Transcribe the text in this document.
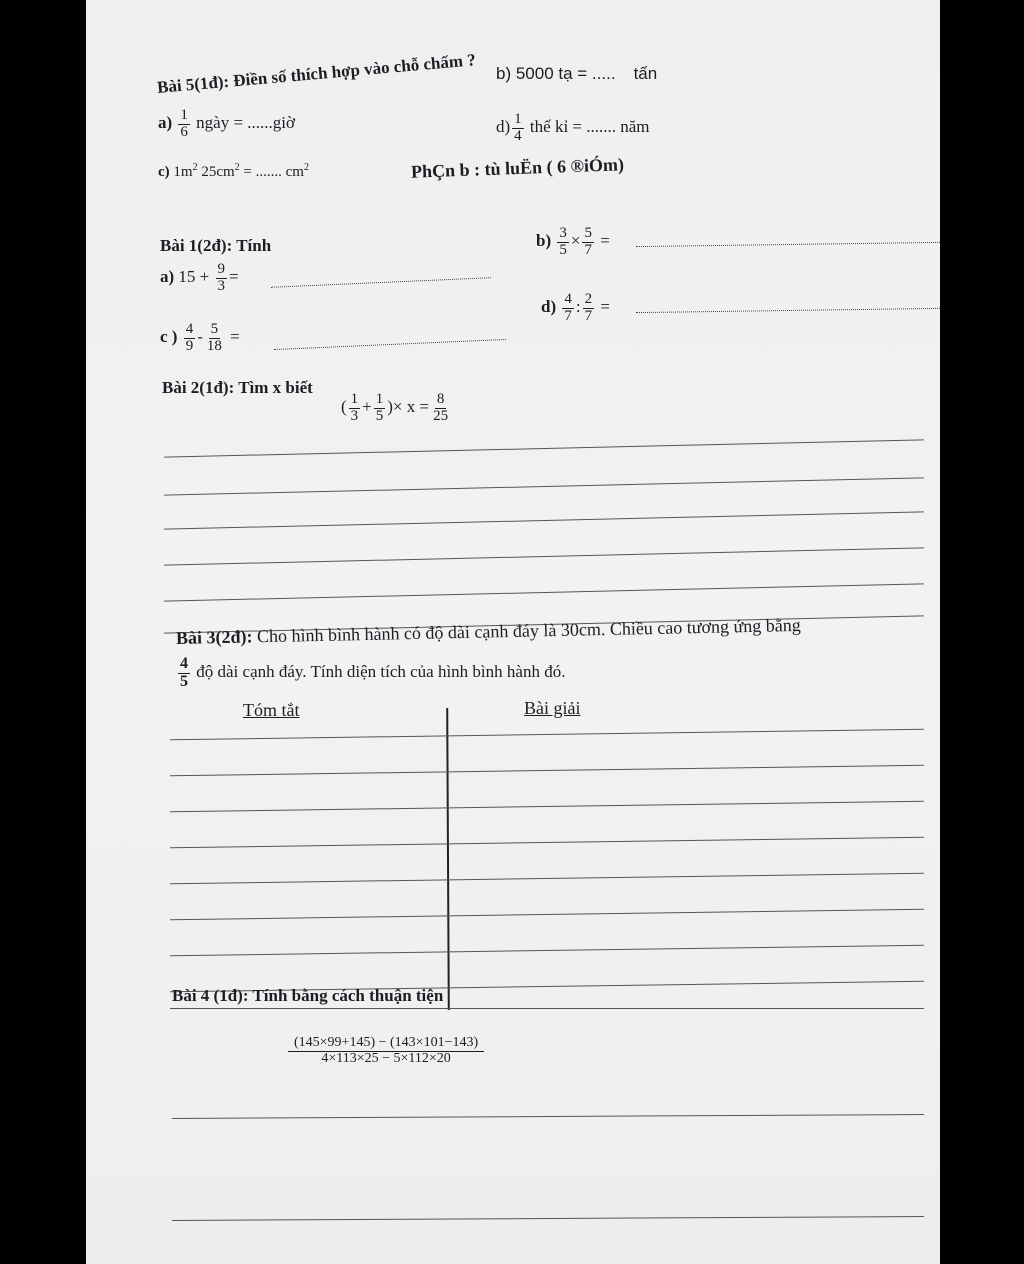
Bài 5(1đ): Điền số thích hợp vào chỗ chấm ? b) 5000 tạ = ..... tấn
$a) \frac{1}{6}$ ngày = ......giờ	$d) \frac{1}{4}$ thế kỉ = ....... năm
c) $1m^2$ $25cm^2$ = ....... $cm^2$	PhÇn b : tù luËn ( 6 ®iÓm)
Bài 1(2đ): Tính
a) $15 + \frac{9}{3}$ =
$b) \frac{3}{5} \times \frac{5}{7}$ =
c ) $\frac{4}{9} - \frac{5}{18}$ =
$d) \frac{4}{7}$ : $\frac{2}{7}$ =
Bài 2(1đ): Tìm x biết
( $\frac{1}{3} + \frac{1}{5}$ )× $x = \frac{8}{25}$
Bài 3(2đ): Cho hình bình hành có độ dài cạnh đáy là 30cm. Chiều cao tương ứng bằng
$\frac{4}{5}$ độ dài cạnh đáy. Tính diện tích của hình bình hành đó.
Tóm tắt	Bài giải
Bài 4 (1đ): Tính bằng cách thuận tiện
$\frac{(145\times 99+145) - (143\times 101-143)}{4\times 113\times 25 - 5\times 112\times 20}$
